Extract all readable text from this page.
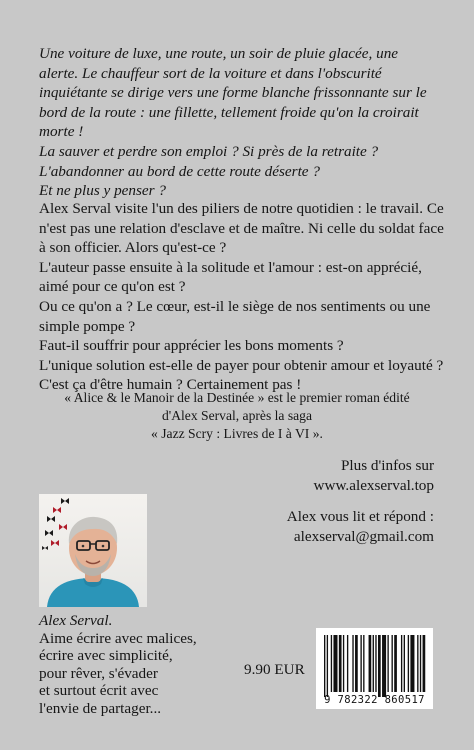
Une voiture de luxe, une route, un soir de pluie glacée, une alerte. Le chauffeur sort de la voiture et dans l'obscurité inquiétante se dirige vers une forme blanche frissonnante sur le bord de la route : une fillette, tellement froide qu'on la croirait morte !

La sauver et perdre son emploi ? Si près de la retraite ?

L'abandonner au bord de cette route déserte ?

Et ne plus y penser ?

Alex Serval visite l'un des piliers de notre quotidien : le travail. Ce n'est pas une relation d'esclave et de maître. Ni celle du soldat face à son officier. Alors qu'est-ce ?

L'auteur passe ensuite à la solitude et l'amour : est-on apprécié, aimé pour ce qu'on est ?

Ou ce qu'on a ? Le cœur, est-il le siège de nos sentiments ou une simple pompe ?

Faut-il souffrir pour apprécier les bons moments ?

L'unique solution est-elle de payer pour obtenir amour et loyauté ? C'est ça d'être humain ? Certainement pas !

« Alice & le Manoir de la Destinée » est le premier roman édité

d'Alex Serval, après la saga

« Jazz Scry : Livres de I à VI ».

Plus d'infos sur

www.alexserval.top

Alex vous lit et répond :

alexserval@gmail.com

Alex Serval.

Aime écrire avec malices,

écrire avec simplicité,

pour rêver, s'évader

et surtout écrit avec

l'envie de partager...

9.90 EUR
9 782322 860517
